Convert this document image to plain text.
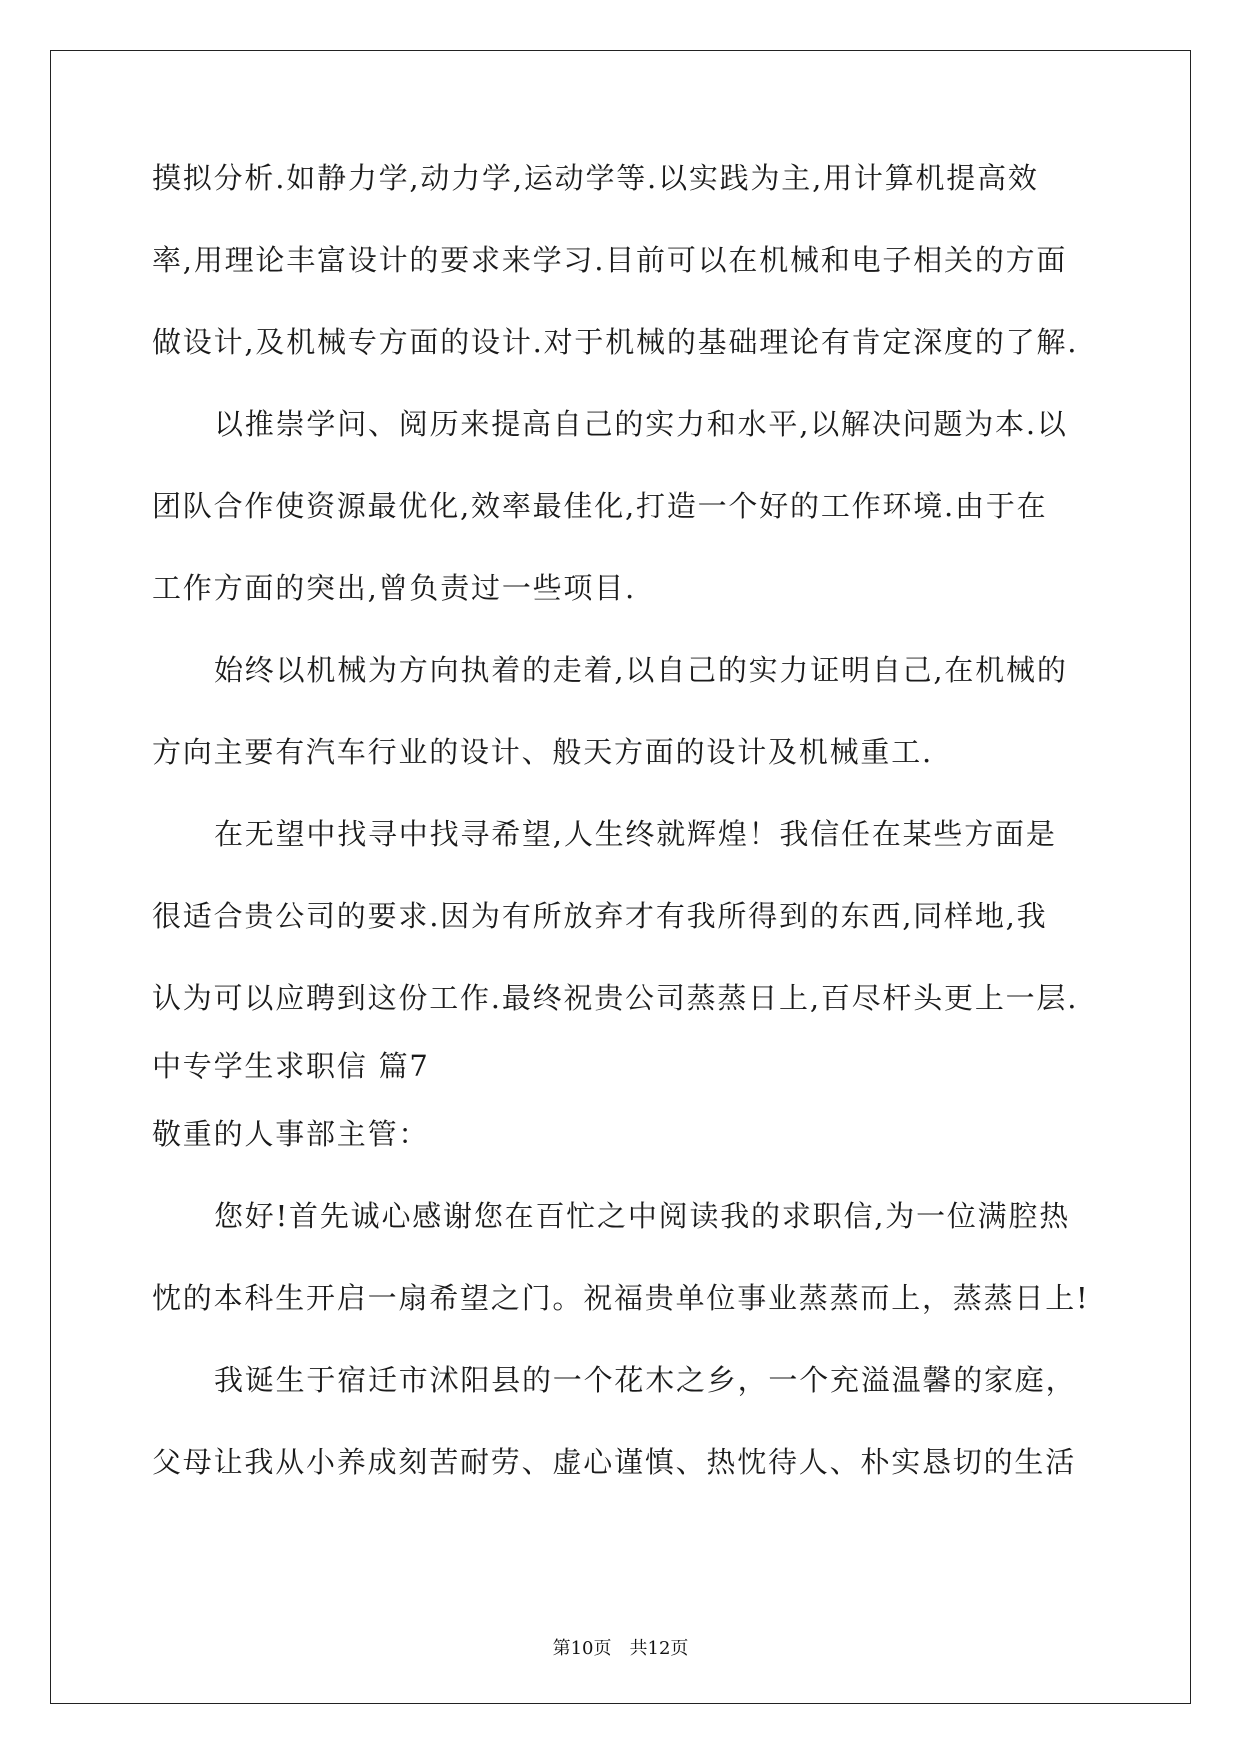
摸拟分析.如静力学,动力学,运动学等.以实践为主,用计算机提高效
率,用理论丰富设计的要求来学习.目前可以在机械和电子相关的方面
做设计,及机械专方面的设计.对于机械的基础理论有肯定深度的了解.
以推崇学问、阅历来提高自己的实力和水平,以解决问题为本.以
团队合作使资源最优化,效率最佳化,打造一个好的工作环境.由于在
工作方面的突出,曾负责过一些项目.
始终以机械为方向执着的走着,以自己的实力证明自己,在机械的
方向主要有汽车行业的设计、般天方面的设计及机械重工.
在无望中找寻中找寻希望,人生终就辉煌！我信任在某些方面是
很适合贵公司的要求.因为有所放弃才有我所得到的东西,同样地,我
认为可以应聘到这份工作.最终祝贵公司蒸蒸日上,百尽杆头更上一层.
中专学生求职信 篇7
敬重的人事部主管：
您好!首先诚心感谢您在百忙之中阅读我的求职信,为一位满腔热
忱的本科生开启一扇希望之门。祝福贵单位事业蒸蒸而上，蒸蒸日上!
我诞生于宿迁市沭阳县的一个花木之乡，一个充溢温馨的家庭，
父母让我从小养成刻苦耐劳、虚心谨慎、热忱待人、朴实恳切的生活
第10页　共12页
